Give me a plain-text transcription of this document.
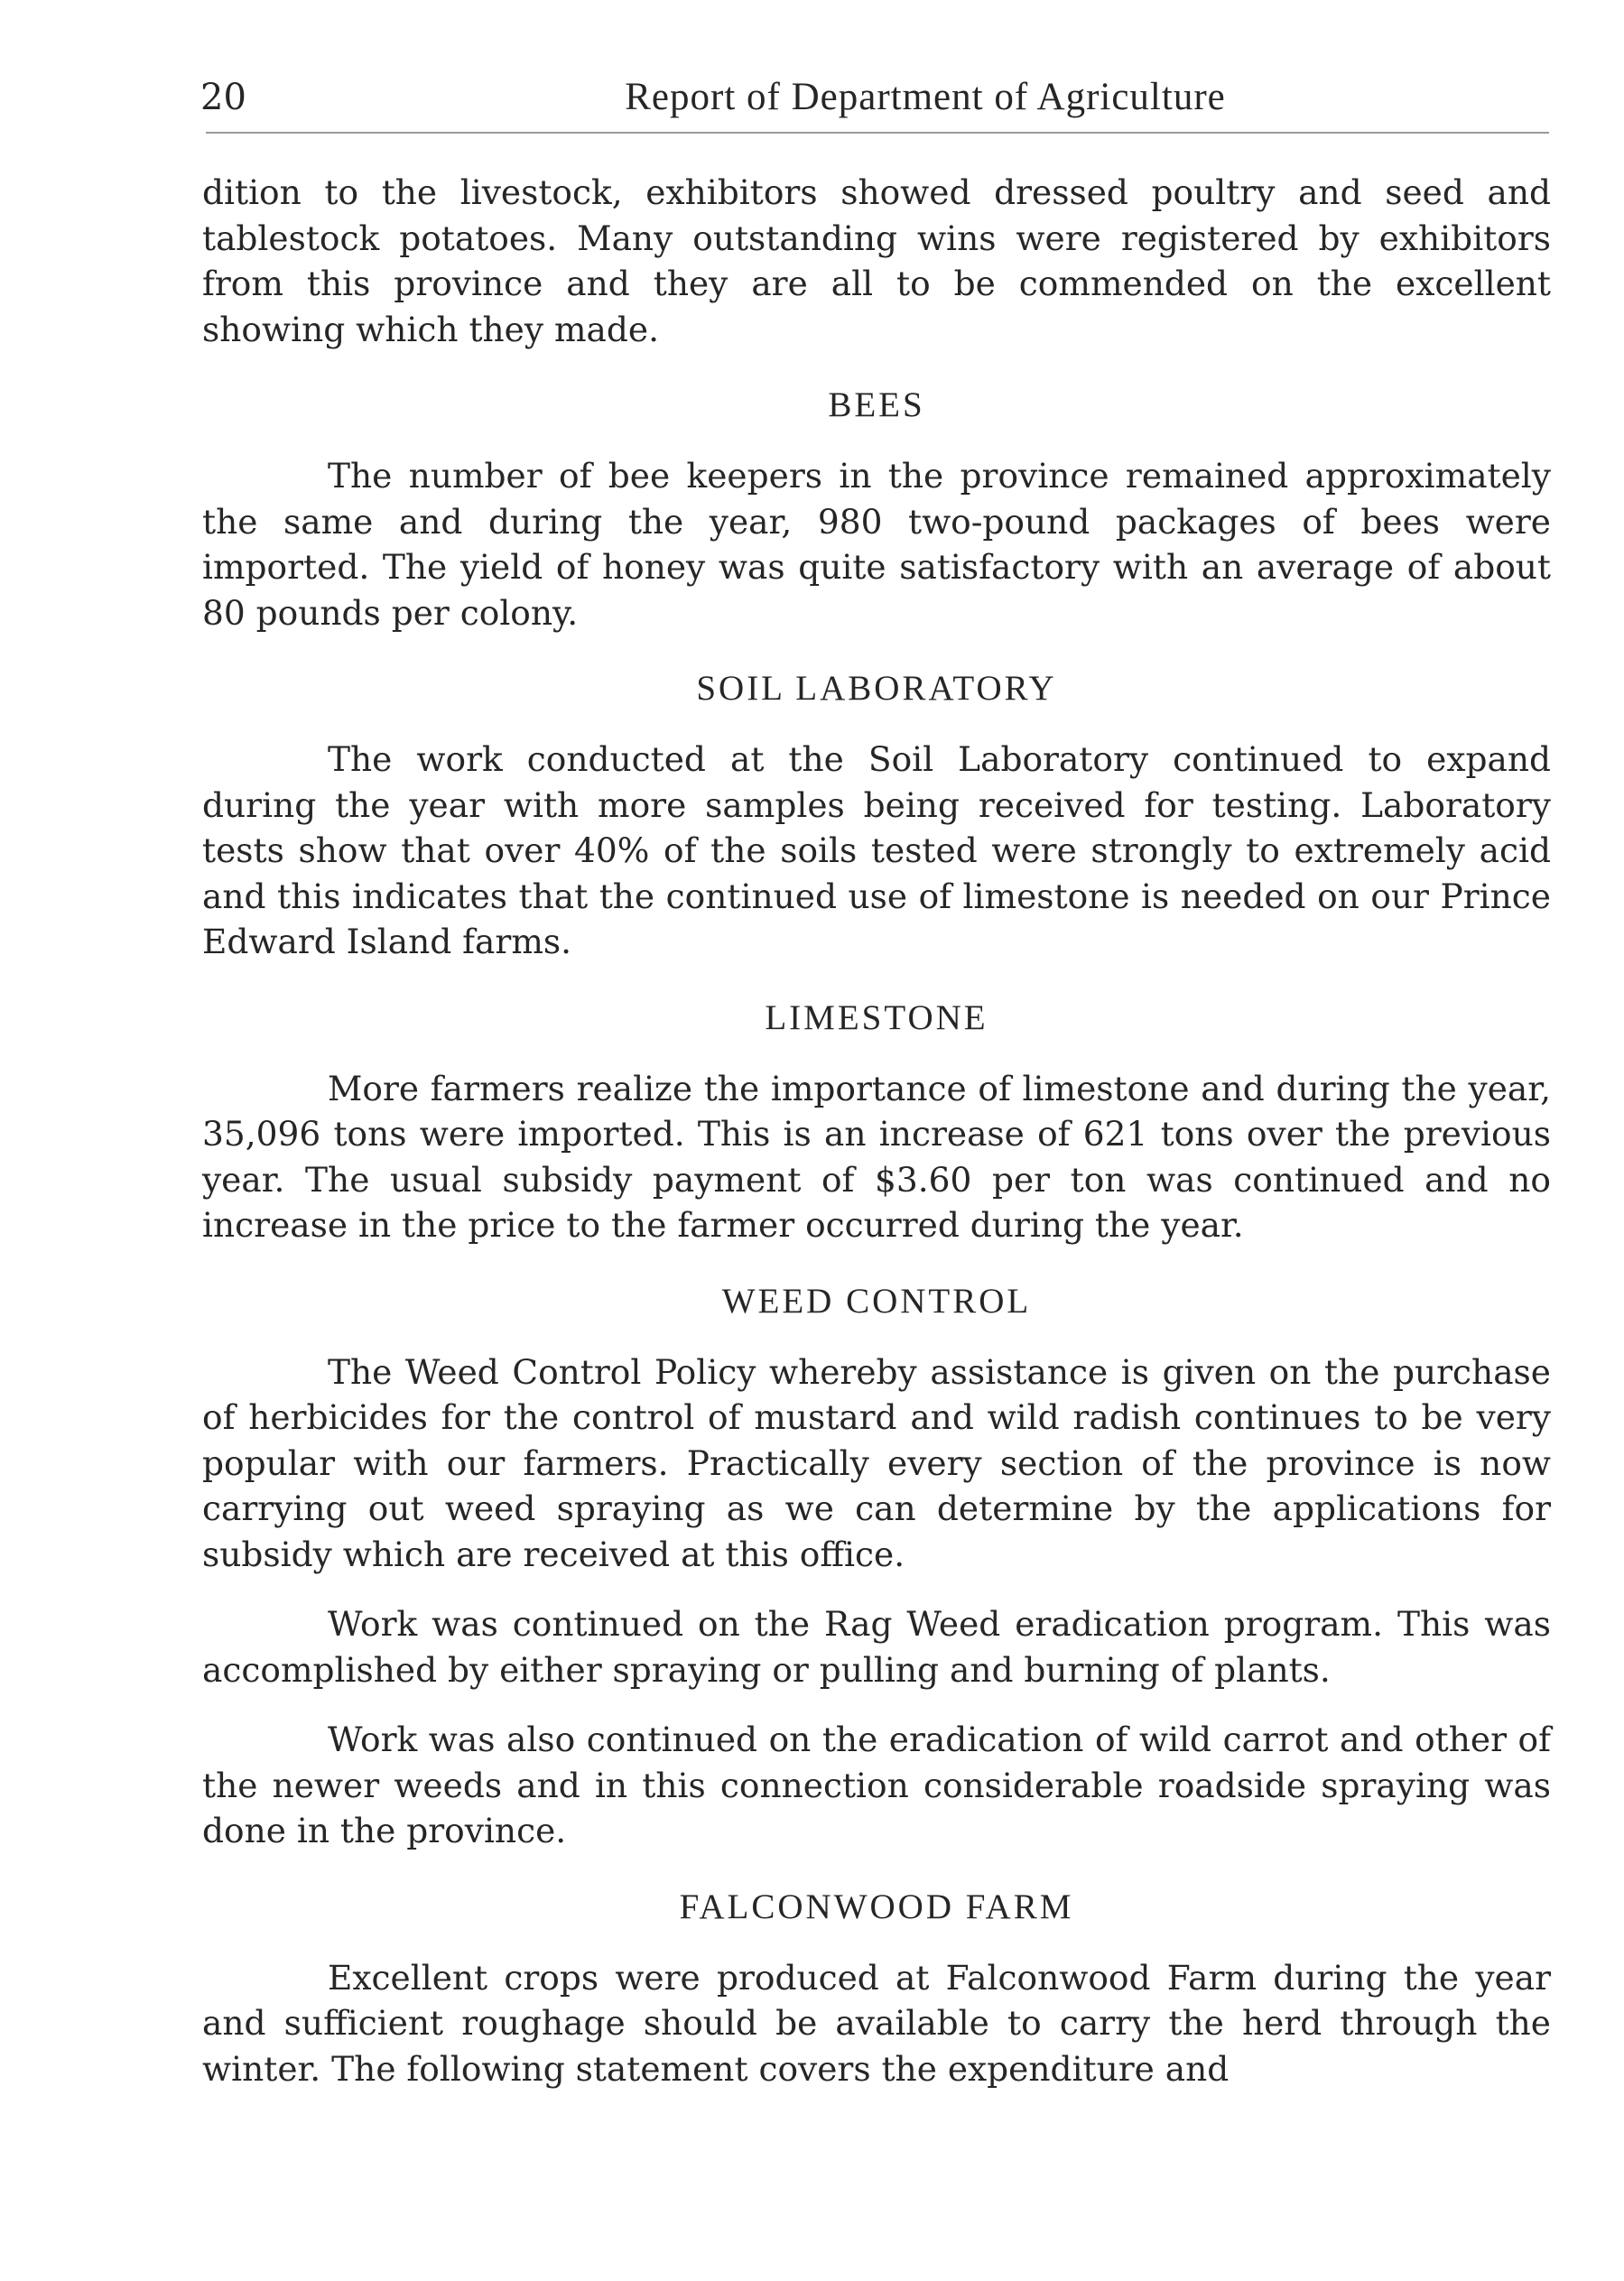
20	Report of Department of Agriculture

dition to the livestock, exhibitors showed dressed poultry and seed and tablestock potatoes. Many outstanding wins were registered by exhibitors from this province and they are all to be commended on the excellent showing which they made.

BEES

The number of bee keepers in the province remained approximately the same and during the year, 980 two-pound packages of bees were imported. The yield of honey was quite satisfactory with an average of about 80 pounds per colony.

SOIL LABORATORY

The work conducted at the Soil Laboratory continued to expand during the year with more samples being received for testing. Laboratory tests show that over 40% of the soils tested were strongly to extremely acid and this indicates that the continued use of limestone is needed on our Prince Edward Island farms.

LIMESTONE

More farmers realize the importance of limestone and during the year, 35,096 tons were imported. This is an increase of 621 tons over the previous year. The usual subsidy payment of $3.60 per ton was continued and no increase in the price to the farmer occurred during the year.

WEED CONTROL

The Weed Control Policy whereby assistance is given on the purchase of herbicides for the control of mustard and wild radish continues to be very popular with our farmers. Practically every section of the province is now carrying out weed spraying as we can determine by the applications for subsidy which are received at this office.

Work was continued on the Rag Weed eradication program. This was accomplished by either spraying or pulling and burning of plants.

Work was also continued on the eradication of wild carrot and other of the newer weeds and in this connection considerable roadside spraying was done in the province.

FALCONWOOD FARM

Excellent crops were produced at Falconwood Farm during the year and sufficient roughage should be available to carry the herd through the winter. The following statement covers the expenditure and
